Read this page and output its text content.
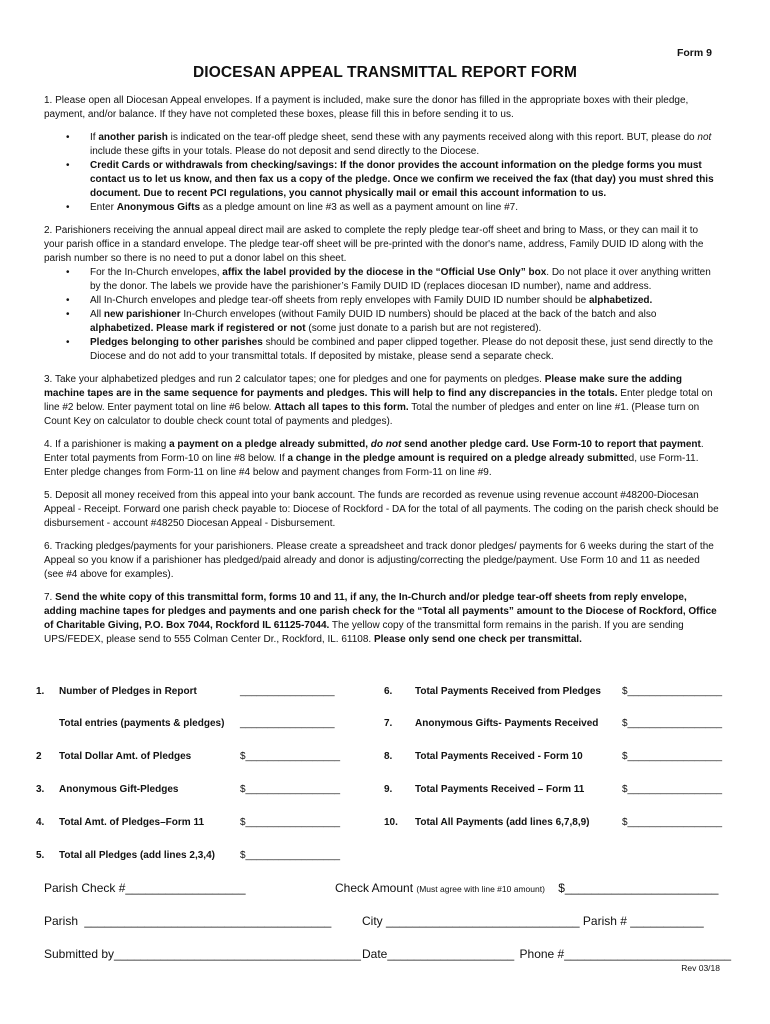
Form 9
DIOCESAN APPEAL TRANSMITTAL REPORT FORM

1. Please open all Diocesan Appeal envelopes. If a payment is included, make sure the donor has filled in the appropriate boxes with their pledge, payment, and/or balance. If they have not completed these boxes, please fill this in before sending it to us.

• If another parish is indicated on the tear-off pledge sheet, send these with any payments received along with this report. BUT, please do not include these gifts in your totals. Please do not deposit and send directly to the Diocese.
• Credit Cards or withdrawals from checking/savings: If the donor provides the account information on the pledge forms you must contact us to let us know, and then fax us a copy of the pledge. Once we confirm we received the fax (that day) you must shred this document. Due to recent PCI regulations, you cannot physically mail or email this account information to us.
• Enter Anonymous Gifts as a pledge amount on line #3 as well as a payment amount on line #7.

2. Parishioners receiving the annual appeal direct mail are asked to complete the reply pledge tear-off sheet and bring to Mass, or they can mail it to your parish office in a standard envelope. The pledge tear-off sheet will be pre-printed with the donor's name, address, Family DUID ID along with the parish number so there is no need to put a donor label on this sheet.

• For the In-Church envelopes, affix the label provided by the diocese in the “Official Use Only” box. Do not place it over anything written by the donor. The labels we provide have the parishioner’s Family DUID ID (replaces diocesan ID number), name and address.
• All In-Church envelopes and pledge tear-off sheets from reply envelopes with Family DUID ID number should be alphabetized.
• All new parishioner In-Church envelopes (without Family DUID ID numbers) should be placed at the back of the batch and also alphabetized. Please mark if registered or not (some just donate to a parish but are not registered).
• Pledges belonging to other parishes should be combined and paper clipped together. Please do not deposit these, just send directly to the Diocese and do not add to your transmittal totals. If deposited by mistake, please send a separate check.

3. Take your alphabetized pledges and run 2 calculator tapes; one for pledges and one for payments on pledges. Please make sure the adding machine tapes are in the same sequence for payments and pledges. This will help to find any discrepancies in the totals. Enter pledge total on line #2 below. Enter payment total on line #6 below. Attach all tapes to this form. Total the number of pledges and enter on line #1. (Please turn on Count Key on calculator to double check count total of payments and pledges).

4. If a parishioner is making a payment on a pledge already submitted, do not send another pledge card. Use Form-10 to report that payment. Enter total payments from Form-10 on line #8 below. If a change in the pledge amount is required on a pledge already submitted, use Form-11. Enter pledge changes from Form-11 on line #4 below and payment changes from Form-11 on line #9.

5. Deposit all money received from this appeal into your bank account. The funds are recorded as revenue using revenue account #48200-Diocesan Appeal - Receipt. Forward one parish check payable to: Diocese of Rockford - DA for the total of all payments. The coding on the parish check should be disbursement - account #48250 Diocesan Appeal - Disbursement.

6. Tracking pledges/payments for your parishioners. Please create a spreadsheet and track donor pledges/ payments for 6 weeks during the start of the Appeal so you know if a parishioner has pledged/paid already and donor is adjusting/correcting the pledge/payment. Use Form 10 and 11 as needed (see #4 above for examples).

7. Send the white copy of this transmittal form, forms 10 and 11, if any, the In-Church and/or pledge tear-off sheets from reply envelope, adding machine tapes for pledges and payments and one parish check for the “Total all payments” amount to the Diocese of Rockford, Office of Charitable Giving, P.O. Box 7044, Rockford IL 61125-7044. The yellow copy of the transmittal form remains in the parish. If you are sending UPS/FEDEX, please send to 555 Colman Center Dr., Rockford, IL. 61108. Please only send one check per transmittal.

1. Number of Pledges in Report	_________________
Total entries (payments & pledges) _________________
2 Total Dollar Amt. of Pledges	$_________________
3. Anonymous Gift-Pledges	$_________________
4. Total Amt. of Pledges–Form 11	$_________________
5. Total all Pledges (add lines 2,3,4)	$_________________
6. Total Payments Received from Pledges $_________________
7. Anonymous Gifts- Payments Received $_________________
8. Total Payments Received - Form 10	$_________________
9. Total Payments Received – Form 11	$_________________
10. Total All Payments (add lines 6,7,8,9)	$_________________
Parish Check #__________________	Check Amount (Must agree with line #10 amount) $_______________________
Parish _____________________________________	City _____________________________ Parish # ___________
Submitted by_____________________________________ Date___________________ Phone #_________________________
Rev 03/18
